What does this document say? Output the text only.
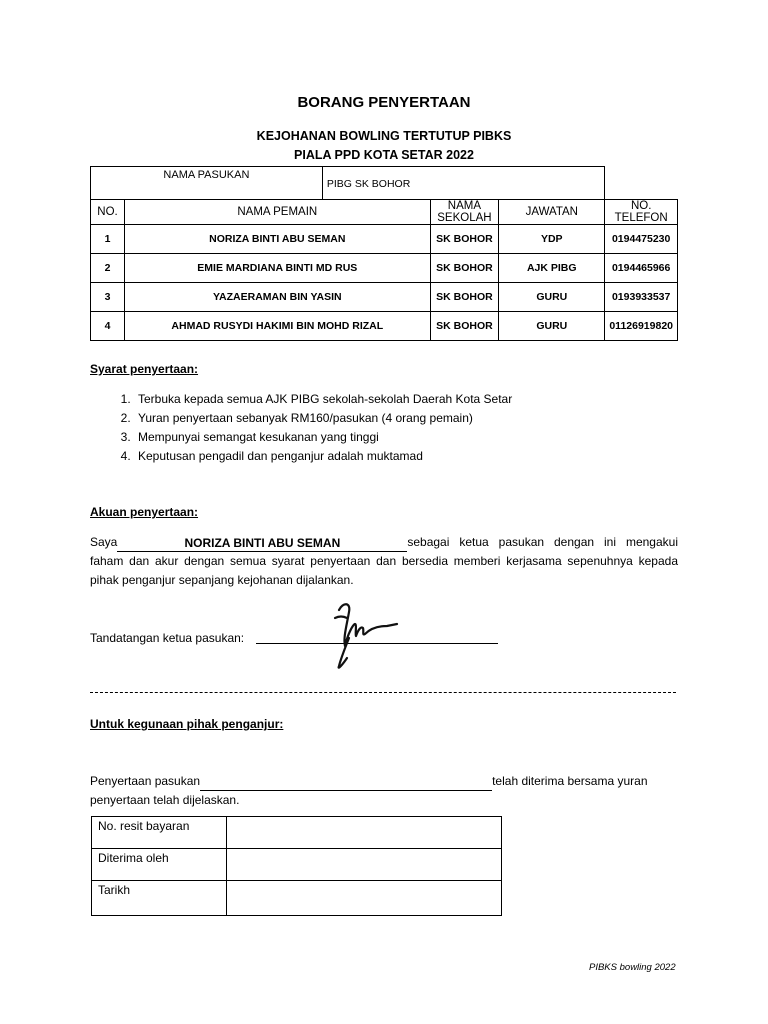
BORANG PENYERTAAN
KEJOHANAN BOWLING TERTUTUP PIBKS
PIALA PPD KOTA SETAR 2022
NAMA PASUKAN		PIBG SK BOHOR			
NO.	NAMA PEMAIN		NAMA SEKOLAH	JAWATAN	NO. TELEFON
1	NORIZA BINTI ABU SEMAN		SK BOHOR	YDP	0194475230
2	EMIE MARDIANA BINTI MD RUS		SK BOHOR	AJK PIBG	0194465966
3	YAZAERAMAN BIN YASIN		SK BOHOR	GURU	0193933537
4	AHMAD RUSYDI HAKIMI BIN MOHD RIZAL		SK BOHOR	GURU	01126919820
Syarat penyertaan:
1. Terbuka kepada semua AJK PIBG sekolah-sekolah Daerah Kota Setar
2. Yuran penyertaan sebanyak RM160/pasukan (4 orang pemain)
3. Mempunyai semangat kesukanan yang tinggi
4. Keputusan pengadil dan penganjur adalah muktamad
Akuan penyertaan:
Saya	NORIZA BINTI ABU SEMAN	sebagai ketua pasukan dengan ini mengakui faham dan akur dengan semua syarat penyertaan dan bersedia memberi kerjasama sepenuhnya kepada pihak penganjur sepanjang kejohanan dijalankan.
Tandatangan ketua pasukan:
Untuk kegunaan pihak penganjur:
Penyertaan pasukan	telah diterima bersama yuran penyertaan telah dijelaskan.
No. resit bayaran	
Diterima oleh	
Tarikh	
PIBKS bowling 2022
